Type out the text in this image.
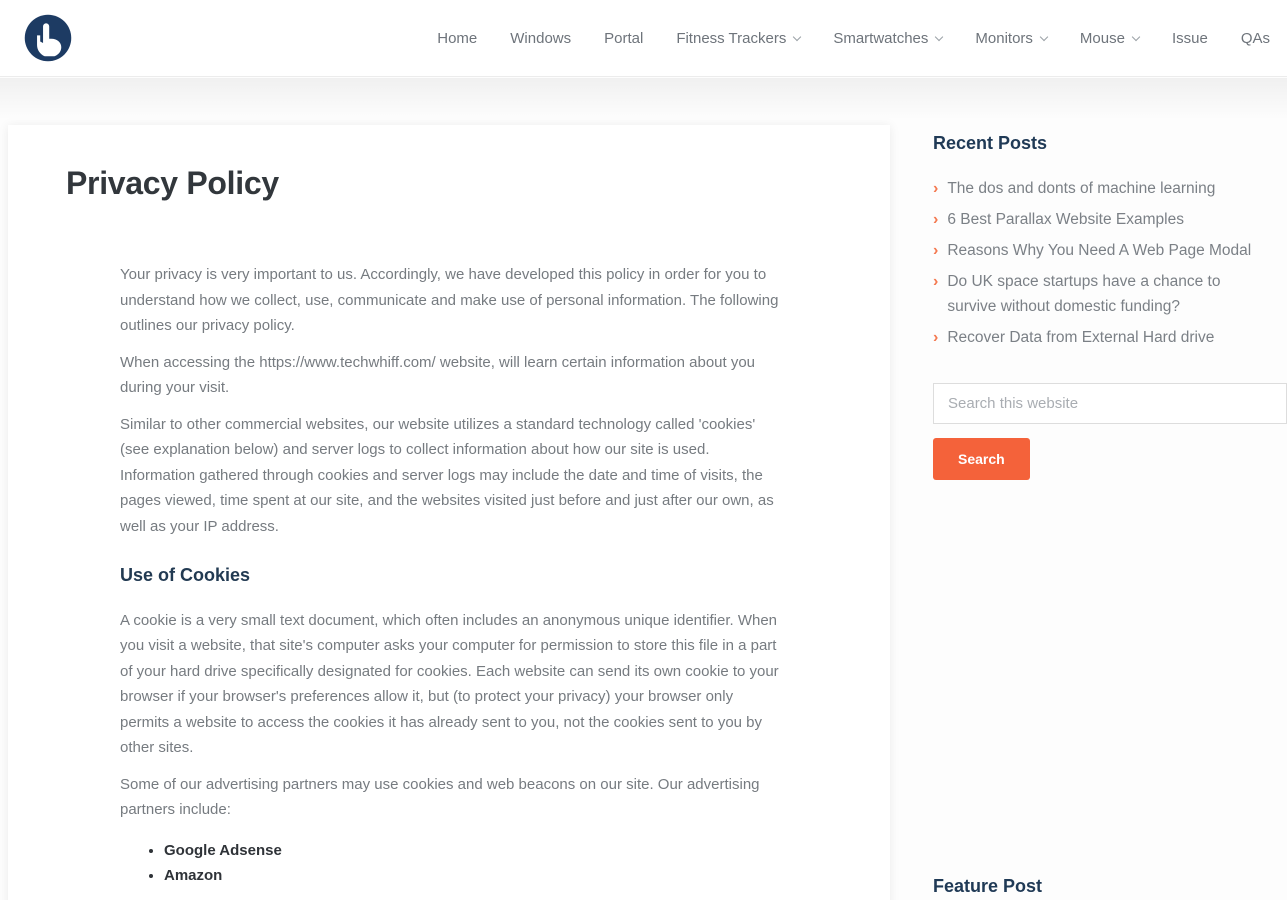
Home Windows Portal Fitness Trackers	Smartwatches	Monitors	Mouse	Issue QAs
Privacy Policy

Your privacy is very important to us. Accordingly, we have developed this policy in order for you to understand how we collect, use, communicate and make use of personal information. The following outlines our privacy policy.

When accessing the https://www.techwhiff.com/ website, will learn certain information about you during your visit.

Similar to other commercial websites, our website utilizes a standard technology called 'cookies' (see explanation below) and server logs to collect information about how our site is used. Information gathered through cookies and server logs may include the date and time of visits, the pages viewed, time spent at our site, and the websites visited just before and just after our own, as well as your IP address.

Use of Cookies

A cookie is a very small text document, which often includes an anonymous unique identifier. When you visit a website, that site's computer asks your computer for permission to store this file in a part of your hard drive specifically designated for cookies. Each website can send its own cookie to your browser if your browser's preferences allow it, but (to protect your privacy) your browser only permits a website to access the cookies it has already sent to you, not the cookies sent to you by other sites.

Some of our advertising partners may use cookies and web beacons on our site. Our advertising partners include:

• Google Adsense
• Amazon
Recent Posts
› The dos and donts of machine learning
› 6 Best Parallax Website Examples
› Reasons Why You Need A Web Page Modal
› Do UK space startups have a chance to survive without domestic funding?
› Recover Data from External Hard drive
Search this website
Search
Feature Post
